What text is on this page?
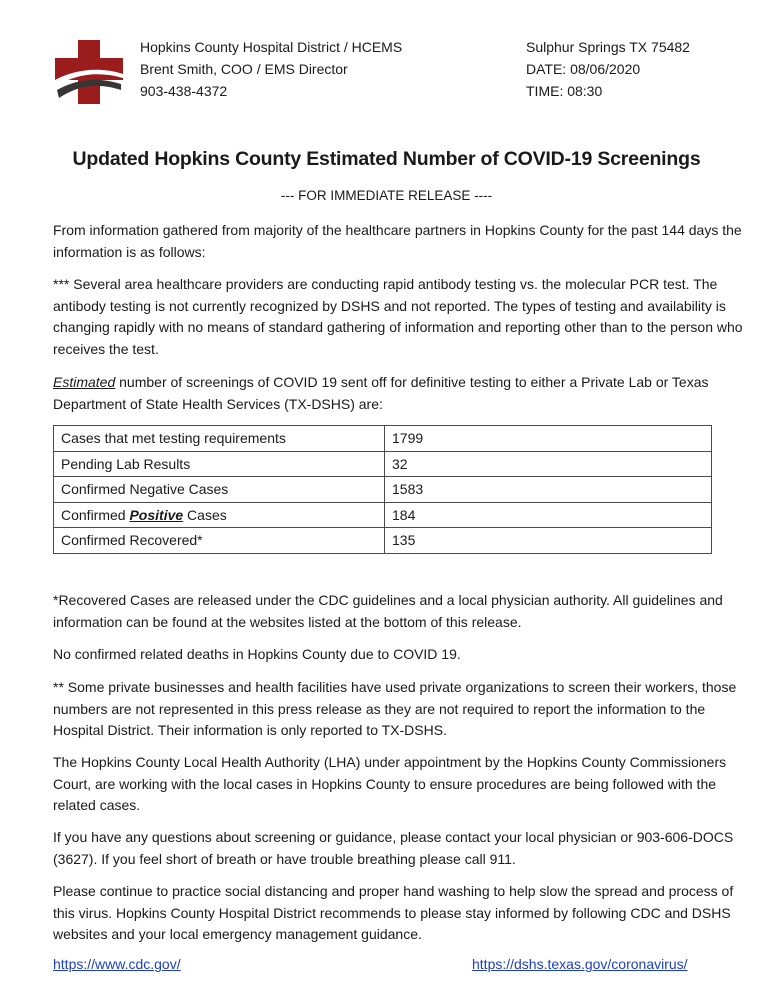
Hopkins County Hospital District / HCEMS
Brent Smith, COO / EMS Director
903-438-4372
Sulphur Springs TX 75482
DATE: 08/06/2020
TIME: 08:30
Updated Hopkins County Estimated Number of COVID-19 Screenings
--- FOR IMMEDIATE RELEASE ----

From information gathered from majority of the healthcare partners in Hopkins County for the past 144 days the information is as follows:

*** Several area healthcare providers are conducting rapid antibody testing vs. the molecular PCR test. The antibody testing is not currently recognized by DSHS and not reported. The types of testing and availability is changing rapidly with no means of standard gathering of information and reporting other than to the person who receives the test.

Estimated number of screenings of COVID 19 sent off for definitive testing to either a Private Lab or Texas Department of State Health Services (TX-DSHS) are:

Cases that met testing requirements	1799
Pending Lab Results	32
Confirmed Negative Cases	1583
Confirmed Positive Cases	184
Confirmed Recovered*	135

*Recovered Cases are released under the CDC guidelines and a local physician authority. All guidelines and information can be found at the websites listed at the bottom of this release.

No confirmed related deaths in Hopkins County due to COVID 19.

** Some private businesses and health facilities have used private organizations to screen their workers, those numbers are not represented in this press release as they are not required to report the information to the Hospital District. Their information is only reported to TX-DSHS.

The Hopkins County Local Health Authority (LHA) under appointment by the Hopkins County Commissioners Court, are working with the local cases in Hopkins County to ensure procedures are being followed with the related cases.

If you have any questions about screening or guidance, please contact your local physician or 903-606-DOCS (3627). If you feel short of breath or have trouble breathing please call 911.

Please continue to practice social distancing and proper hand washing to help slow the spread and process of this virus. Hopkins County Hospital District recommends to please stay informed by following CDC and DSHS websites and your local emergency management guidance.

https://www.cdc.gov/	https://dshs.texas.gov/coronavirus/
